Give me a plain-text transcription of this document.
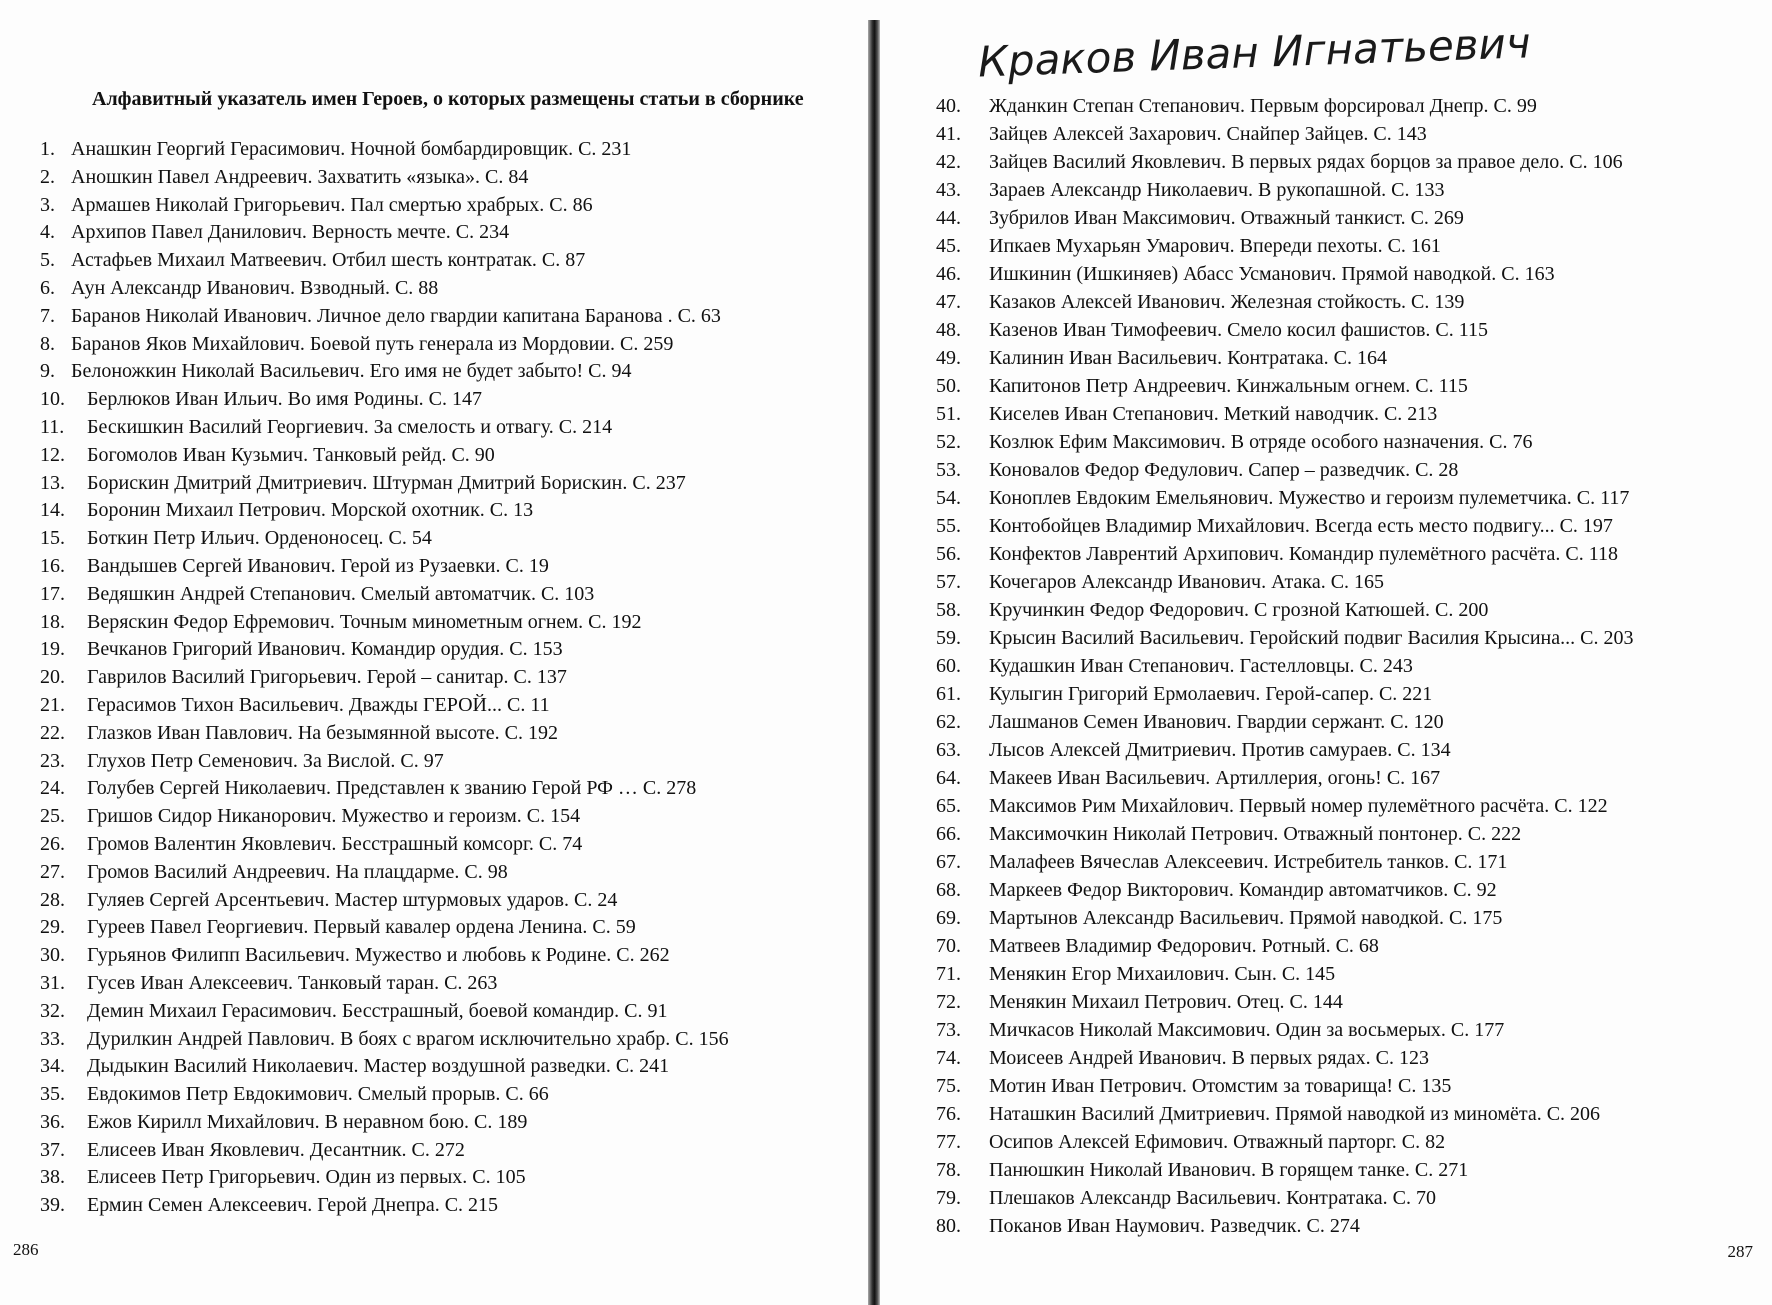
Алфавитный указатель имен Героев, о которых размещены статьи в сборнике
1. Анашкин Георгий Герасимович. Ночной бомбардировщик. С. 231
2. Аношкин Павел Андреевич. Захватить «языка». С. 84
3. Армашев Николай Григорьевич. Пал смертью храбрых. С. 86
4. Архипов Павел Данилович. Верность мечте. С. 234
5. Астафьев Михаил Матвеевич. Отбил шесть контратак. С. 87
6. Аун Александр Иванович. Взводный. С. 88
7. Баранов Николай Иванович. Личное дело гвардии капитана Баранова . С. 63
8. Баранов Яков Михайлович. Боевой путь генерала из Мордовии. С. 259
9. Белоножкин Николай Васильевич. Его имя не будет забыто! С. 94
10. Берлюков Иван Ильич. Во имя Родины. С. 147
11. Бескишкин Василий Георгиевич. За смелость и отвагу. С. 214
12. Богомолов Иван Кузьмич. Танковый рейд. С. 90
13. Борискин Дмитрий Дмитриевич. Штурман Дмитрий Борискин. С. 237
14. Боронин Михаил Петрович. Морской охотник. С. 13
15. Боткин Петр Ильич. Орденоносец. С. 54
16. Вандышев Сергей Иванович. Герой из Рузаевки. С. 19
17. Ведяшкин Андрей Степанович. Смелый автоматчик. С. 103
18. Веряскин Федор Ефремович. Точным минометным огнем. С. 192
19. Вечканов Григорий Иванович. Командир орудия. С. 153
20. Гаврилов Василий Григорьевич. Герой – санитар. С. 137
21. Герасимов Тихон Васильевич. Дважды ГЕРОЙ... С. 11
22. Глазков Иван Павлович. На безымянной высоте. С. 192
23. Глухов Петр Семенович. За Вислой. С. 97
24. Голубев Сергей Николаевич. Представлен к званию Герой РФ … С. 278
25. Гришов Сидор Никанорович. Мужество и героизм. С. 154
26. Громов Валентин Яковлевич. Бесстрашный комсорг. С. 74
27. Громов Василий Андреевич. На плацдарме. С. 98
28. Гуляев Сергей Арсентьевич. Мастер штурмовых ударов. С. 24
29. Гуреев Павел Георгиевич. Первый кавалер ордена Ленина. С. 59
30. Гурьянов Филипп Васильевич. Мужество и любовь к Родине. С. 262
31. Гусев Иван Алексеевич. Танковый таран. С. 263
32. Демин Михаил Герасимович. Бесстрашный, боевой командир. С. 91
33. Дурилкин Андрей Павлович. В боях с врагом исключительно храбр. С. 156
34. Дыдыкин Василий Николаевич. Мастер воздушной разведки. С. 241
35. Евдокимов Петр Евдокимович. Смелый прорыв. С. 66
36. Ежов Кирилл Михайлович. В неравном бою. С. 189
37. Елисеев Иван Яковлевич. Десантник. С. 272
38. Елисеев Петр Григорьевич. Один из первых. С. 105
39. Ермин Семен Алексеевич. Герой Днепра. С. 215
286
Краков Иван Игнатьевич
40. Жданкин Степан Степанович. Первым форсировал Днепр. С. 99
41. Зайцев Алексей Захарович. Снайпер Зайцев. С. 143
42. Зайцев Василий Яковлевич. В первых рядах борцов за правое дело. С. 106
43. Зараев Александр Николаевич. В рукопашной. С. 133
44. Зубрилов Иван Максимович. Отважный танкист. С. 269
45. Ипкаев Мухарьян Умарович. Впереди пехоты. С. 161
46. Ишкинин (Ишкиняев) Абасс Усманович. Прямой наводкой. С. 163
47. Казаков Алексей Иванович. Железная стойкость. С. 139
48. Казенов Иван Тимофеевич. Смело косил фашистов. С. 115
49. Калинин Иван Васильевич. Контратака. С. 164
50. Капитонов Петр Андреевич. Кинжальным огнем. С. 115
51. Киселев Иван Степанович. Меткий наводчик. С. 213
52. Козлюк Ефим Максимович. В отряде особого назначения. С. 76
53. Коновалов Федор Федулович. Сапер – разведчик. С. 28
54. Коноплев Евдоким Емельянович. Мужество и героизм пулеметчика. С. 117
55. Контобойцев Владимир Михайлович. Всегда есть место подвигу... С. 197
56. Конфектов Лаврентий Архипович. Командир пулемётного расчёта. С. 118
57. Кочегаров Александр Иванович. Атака. С. 165
58. Кручинкин Федор Федорович. С грозной Катюшей. С. 200
59. Крысин Василий Васильевич. Геройский подвиг Василия Крысина... С. 203
60. Кудашкин Иван Степанович. Гастелловцы. С. 243
61. Кулыгин Григорий Ермолаевич. Герой-сапер. С. 221
62. Лашманов Семен Иванович. Гвардии сержант. С. 120
63. Лысов Алексей Дмитриевич. Против самураев. С. 134
64. Макеев Иван Васильевич. Артиллерия, огонь! С. 167
65. Максимов Рим Михайлович. Первый номер пулемётного расчёта. С. 122
66. Максимочкин Николай Петрович. Отважный понтонер. С. 222
67. Малафеев Вячеслав Алексеевич. Истребитель танков. С. 171
68. Маркеев Федор Викторович. Командир автоматчиков. С. 92
69. Мартынов Александр Васильевич. Прямой наводкой. С. 175
70. Матвеев Владимир Федорович. Ротный. С. 68
71. Менякин Егор Михаилович. Сын. С. 145
72. Менякин Михаил Петрович. Отец. С. 144
73. Мичкасов Николай Максимович. Один за восьмерых. С. 177
74. Моисеев Андрей Иванович. В первых рядах. С. 123
75. Мотин Иван Петрович. Отомстим за товарища! С. 135
76. Наташкин Василий Дмитриевич. Прямой наводкой из миномёта. С. 206
77. Осипов Алексей Ефимович. Отважный парторг. С. 82
78. Панюшкин Николай Иванович. В горящем танке. С. 271
79. Плешаков Александр Васильевич. Контратака. С. 70
80. Поканов Иван Наумович. Разведчик. С. 274
287
